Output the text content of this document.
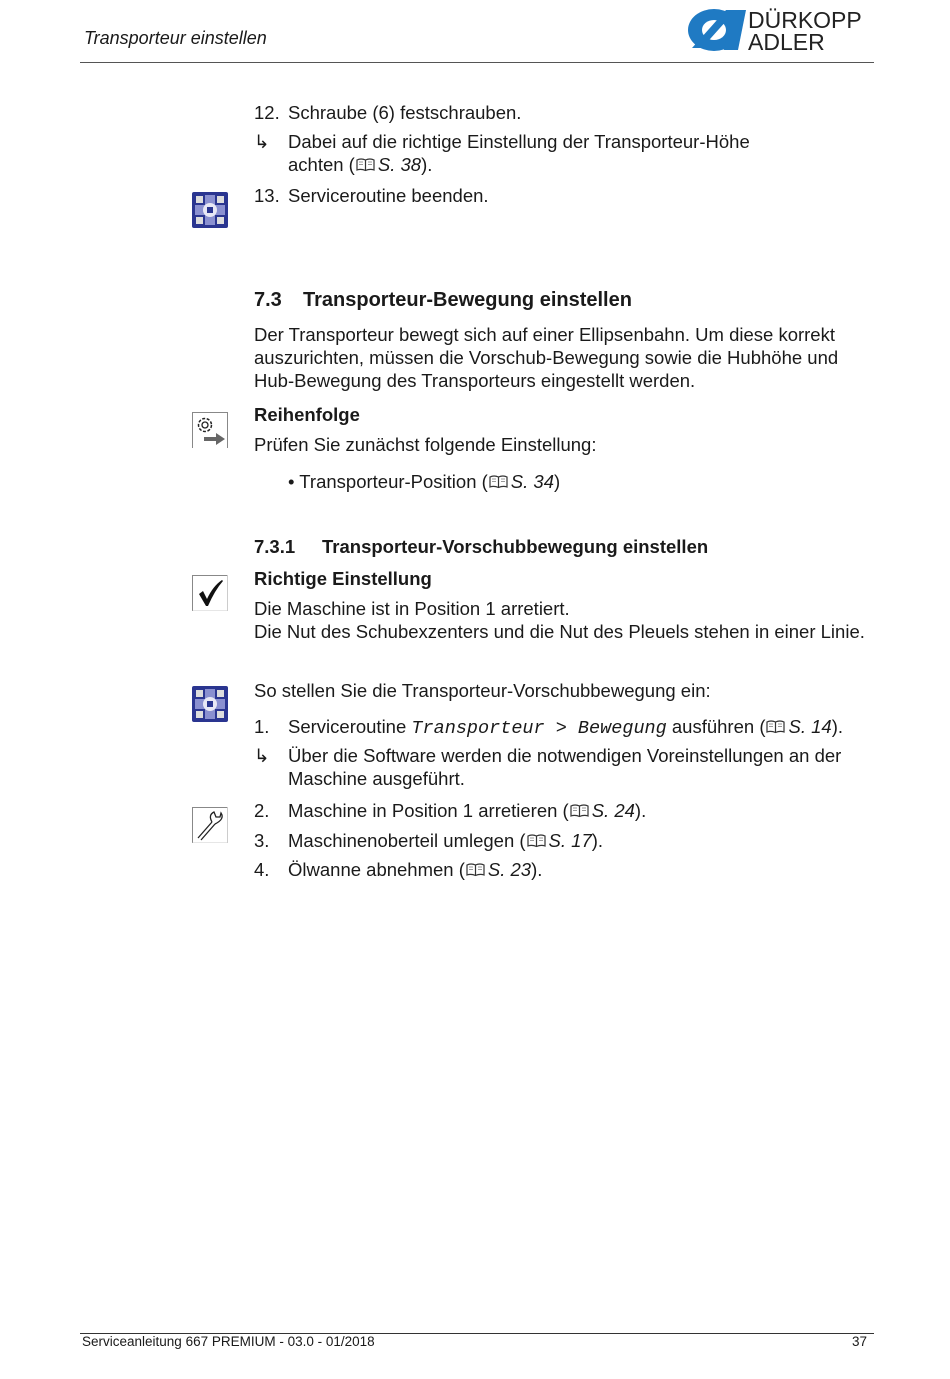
Transporteur einstellen
DÜRKOPP
ADLER
12. Schraube (6) festschrauben.
↳ Dabei auf die richtige Einstellung der Transporteur-Höhe
achten ( S. 38).
13. Serviceroutine beenden.
7.3 Transporteur-Bewegung einstellen
Der Transporteur bewegt sich auf einer Ellipsenbahn. Um diese korrekt
auszurichten, müssen die Vorschub-Bewegung sowie die Hubhöhe und
Hub-Bewegung des Transporteurs eingestellt werden.
Reihenfolge
Prüfen Sie zunächst folgende Einstellung:
• Transporteur-Position ( S. 34)
7.3.1 Transporteur-Vorschubbewegung einstellen
Richtige Einstellung
Die Maschine ist in Position 1 arretiert.
Die Nut des Schubexzenters und die Nut des Pleuels stehen in einer Linie.
So stellen Sie die Transporteur-Vorschubbewegung ein:
1. Serviceroutine Transporteur > Bewegung ausführen ( S. 14).
↳ Über die Software werden die notwendigen Voreinstellungen an der
Maschine ausgeführt.
2. Maschine in Position 1 arretieren ( S. 24).
3. Maschinenoberteil umlegen ( S. 17).
4. Ölwanne abnehmen ( S. 23).
Serviceanleitung 667 PREMIUM - 03.0 - 01/2018	37
